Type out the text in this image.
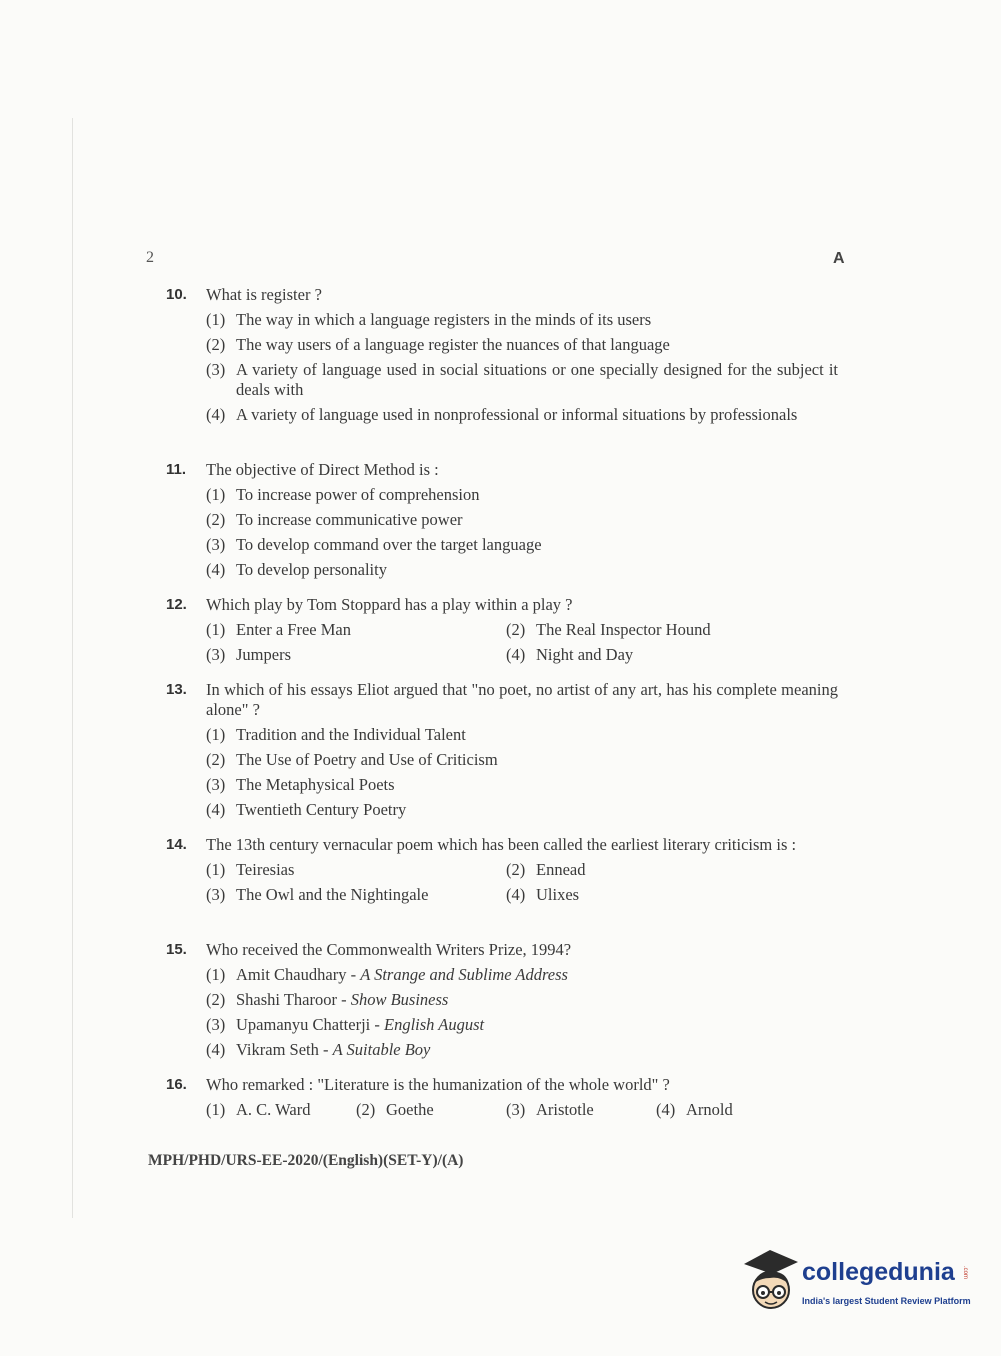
2	A
10. What is register ?
(1) The way in which a language registers in the minds of its users
(2) The way users of a language register the nuances of that language
(3) A variety of language used in social situations or one specially designed for the subject it deals with
(4) A variety of language used in nonprofessional or informal situations by professionals
11. The objective of Direct Method is :
(1) To increase power of comprehension
(2) To increase communicative power
(3) To develop command over the target language
(4) To develop personality
12. Which play by Tom Stoppard has a play within a play ?
(1) Enter a Free Man	(2) The Real Inspector Hound
(3) Jumpers	(4) Night and Day
13. In which of his essays Eliot argued that "no poet, no artist of any art, has his complete meaning alone" ?
(1) Tradition and the Individual Talent
(2) The Use of Poetry and Use of Criticism
(3) The Metaphysical Poets
(4) Twentieth Century Poetry
14. The 13th century vernacular poem which has been called the earliest literary criticism is :
(1) Teiresias	(2) Ennead
(3) The Owl and the Nightingale	(4) Ulixes
15. Who received the Commonwealth Writers Prize, 1994?
(1) Amit Chaudhary - A Strange and Sublime Address
(2) Shashi Tharoor - Show Business
(3) Upamanyu Chatterji - English August
(4) Vikram Seth - A Suitable Boy
16. Who remarked : "Literature is the humanization of the whole world" ?
(1) A. C. Ward	(2) Goethe	(3) Aristotle	(4) Arnold
MPH/PHD/URS-EE-2020/(English)(SET-Y)/(A)
collegedunia .com
India's largest Student Review Platform
